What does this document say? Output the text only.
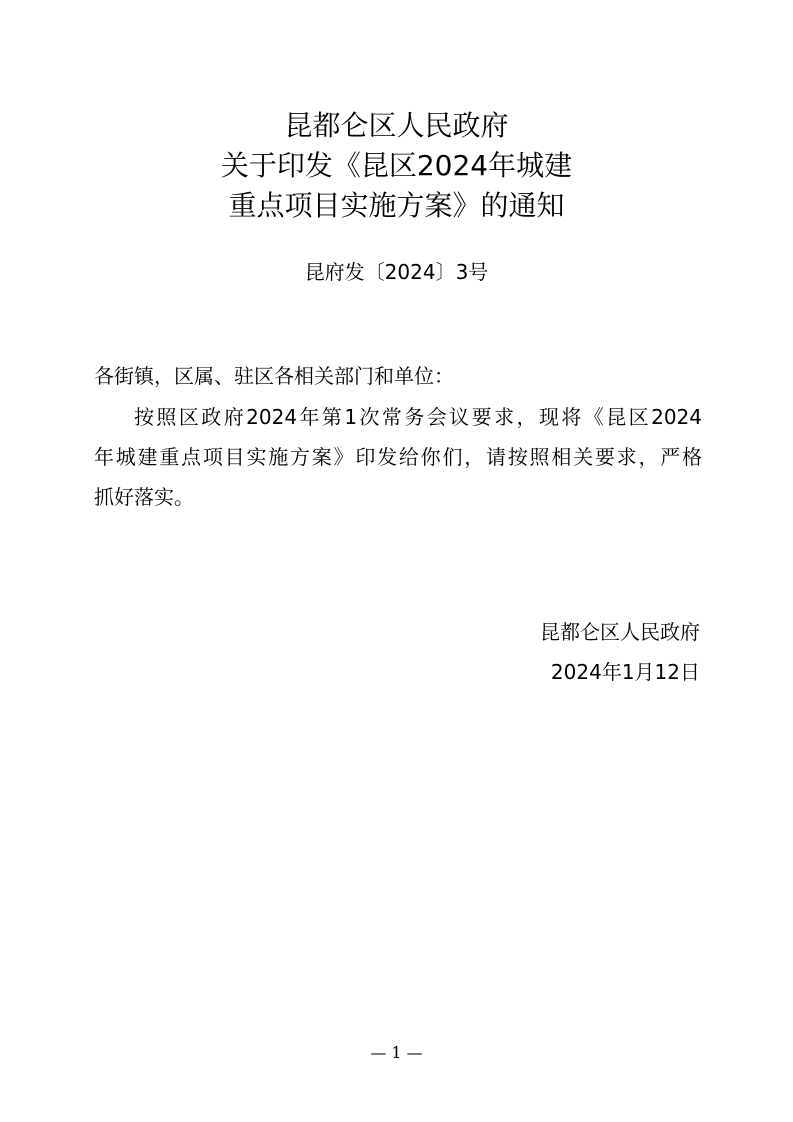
昆都仑区人民政府
关于印发《昆区2024年城建
重点项目实施方案》的通知
昆府发〔2024〕3号
各街镇，区属、驻区各相关部门和单位：
按照区政府2024年第1次常务会议要求，现将《昆区2024
年城建重点项目实施方案》印发给你们，请按照相关要求，严格
抓好落实。
昆都仑区人民政府
2024年1月12日
— 1 —
